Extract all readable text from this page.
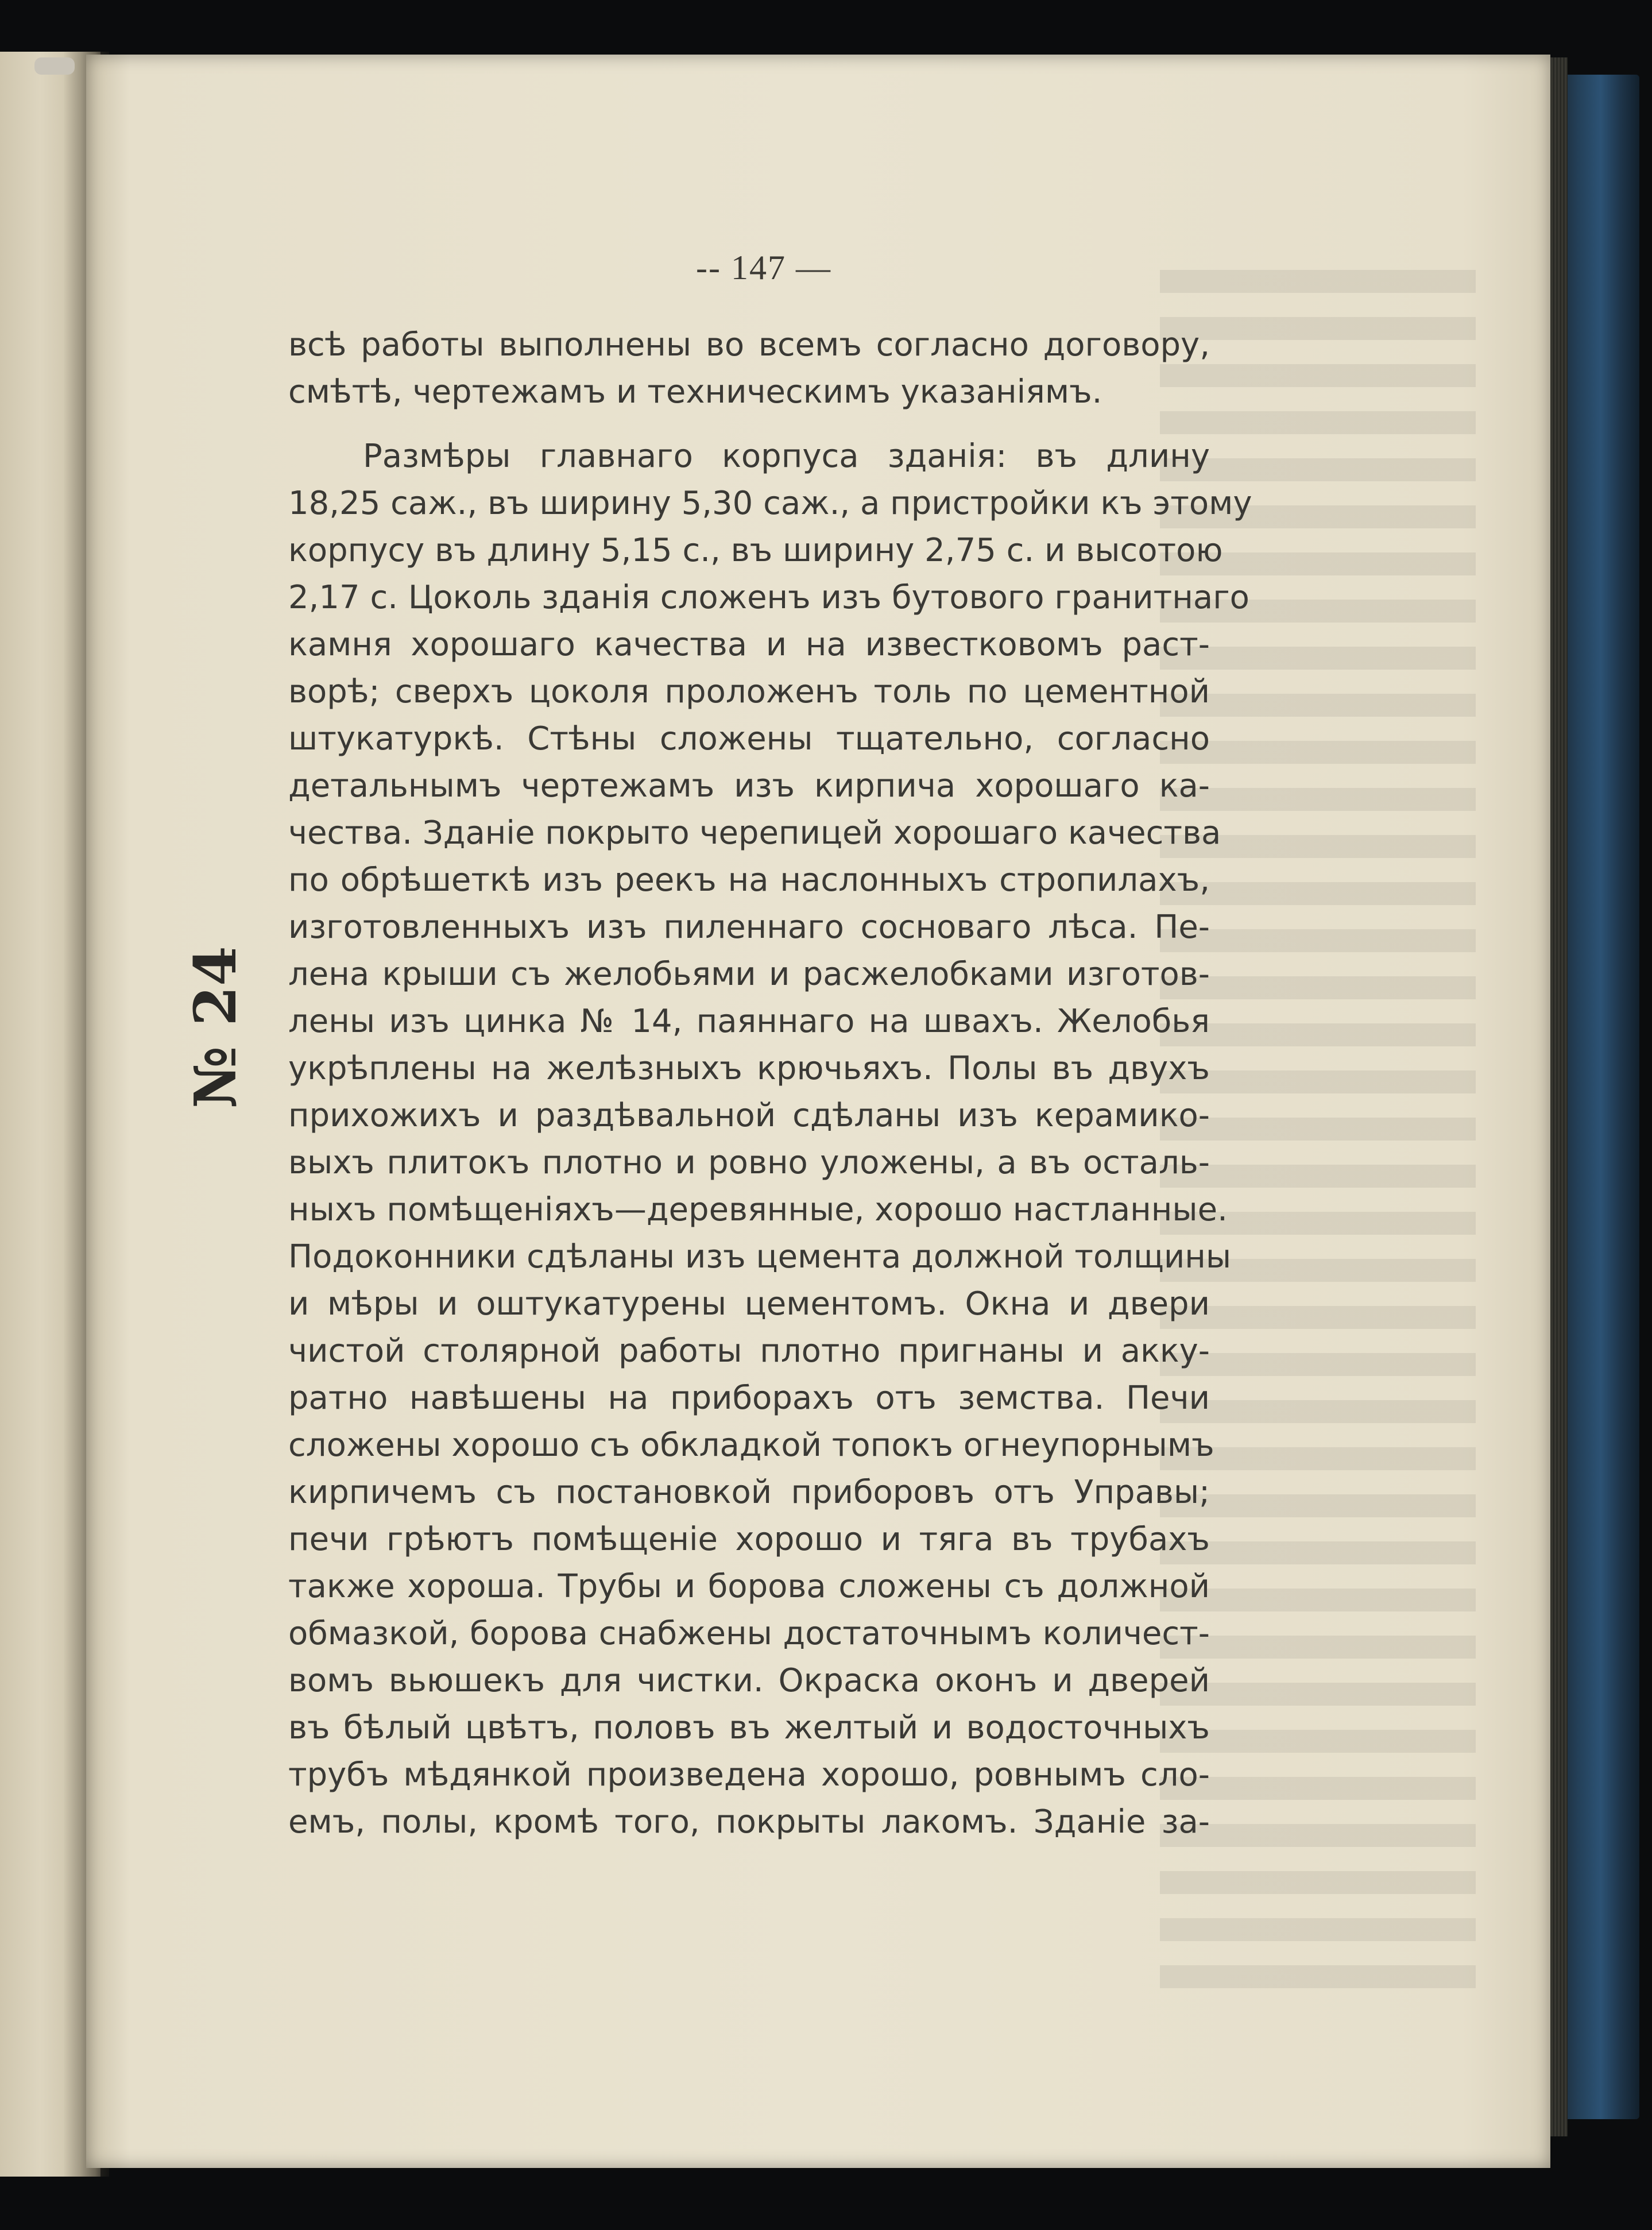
-- 147 —
№ 24
всѣ работы выполнены во всемъ согласно договору,
смѣтѣ, чертежамъ и техническимъ указаніямъ.
Размѣры главнаго корпуса зданія: въ длину
18,25 саж., въ ширину 5,30 саж., а пристройки къ этому
корпусу въ длину 5,15 с., въ ширину 2,75 с. и высотою
2,17 с. Цоколь зданія сложенъ изъ бутового гранитнаго
камня хорошаго качества и на известковомъ раст-
ворѣ; сверхъ цоколя проложенъ толь по цементной
штукатуркѣ. Стѣны сложены тщательно, согласно
детальнымъ чертежамъ изъ кирпича хорошаго ка-
чества. Зданіе покрыто черепицей хорошаго качества
по обрѣшеткѣ изъ реекъ на наслонныхъ стропилахъ,
изготовленныхъ изъ пиленнаго сосноваго лѣса. Пе-
лена крыши съ желобьями и расжелобками изготов-
лены изъ цинка № 14, паяннаго на швахъ. Желобья
укрѣплены на желѣзныхъ крючьяхъ. Полы въ двухъ
прихожихъ и раздѣвальной сдѣланы изъ керамико-
выхъ плитокъ плотно и ровно уложены, а въ осталь-
ныхъ помѣщеніяхъ—деревянные, хорошо настланные.
Подоконники сдѣланы изъ цемента должной толщины
и мѣры и оштукатурены цементомъ. Окна и двери
чистой столярной работы плотно пригнаны и акку-
ратно навѣшены на приборахъ отъ земства. Печи
сложены хорошо съ обкладкой топокъ огнеупорнымъ
кирпичемъ съ постановкой приборовъ отъ Управы;
печи грѣютъ помѣщеніе хорошо и тяга въ трубахъ
также хороша. Трубы и борова сложены съ должной
обмазкой, борова снабжены достаточнымъ количест-
вомъ вьюшекъ для чистки. Окраска оконъ и дверей
въ бѣлый цвѣтъ, половъ въ желтый и водосточныхъ
трубъ мѣдянкой произведена хорошо, ровнымъ сло-
емъ, полы, кромѣ того, покрыты лакомъ. Зданіе за-
